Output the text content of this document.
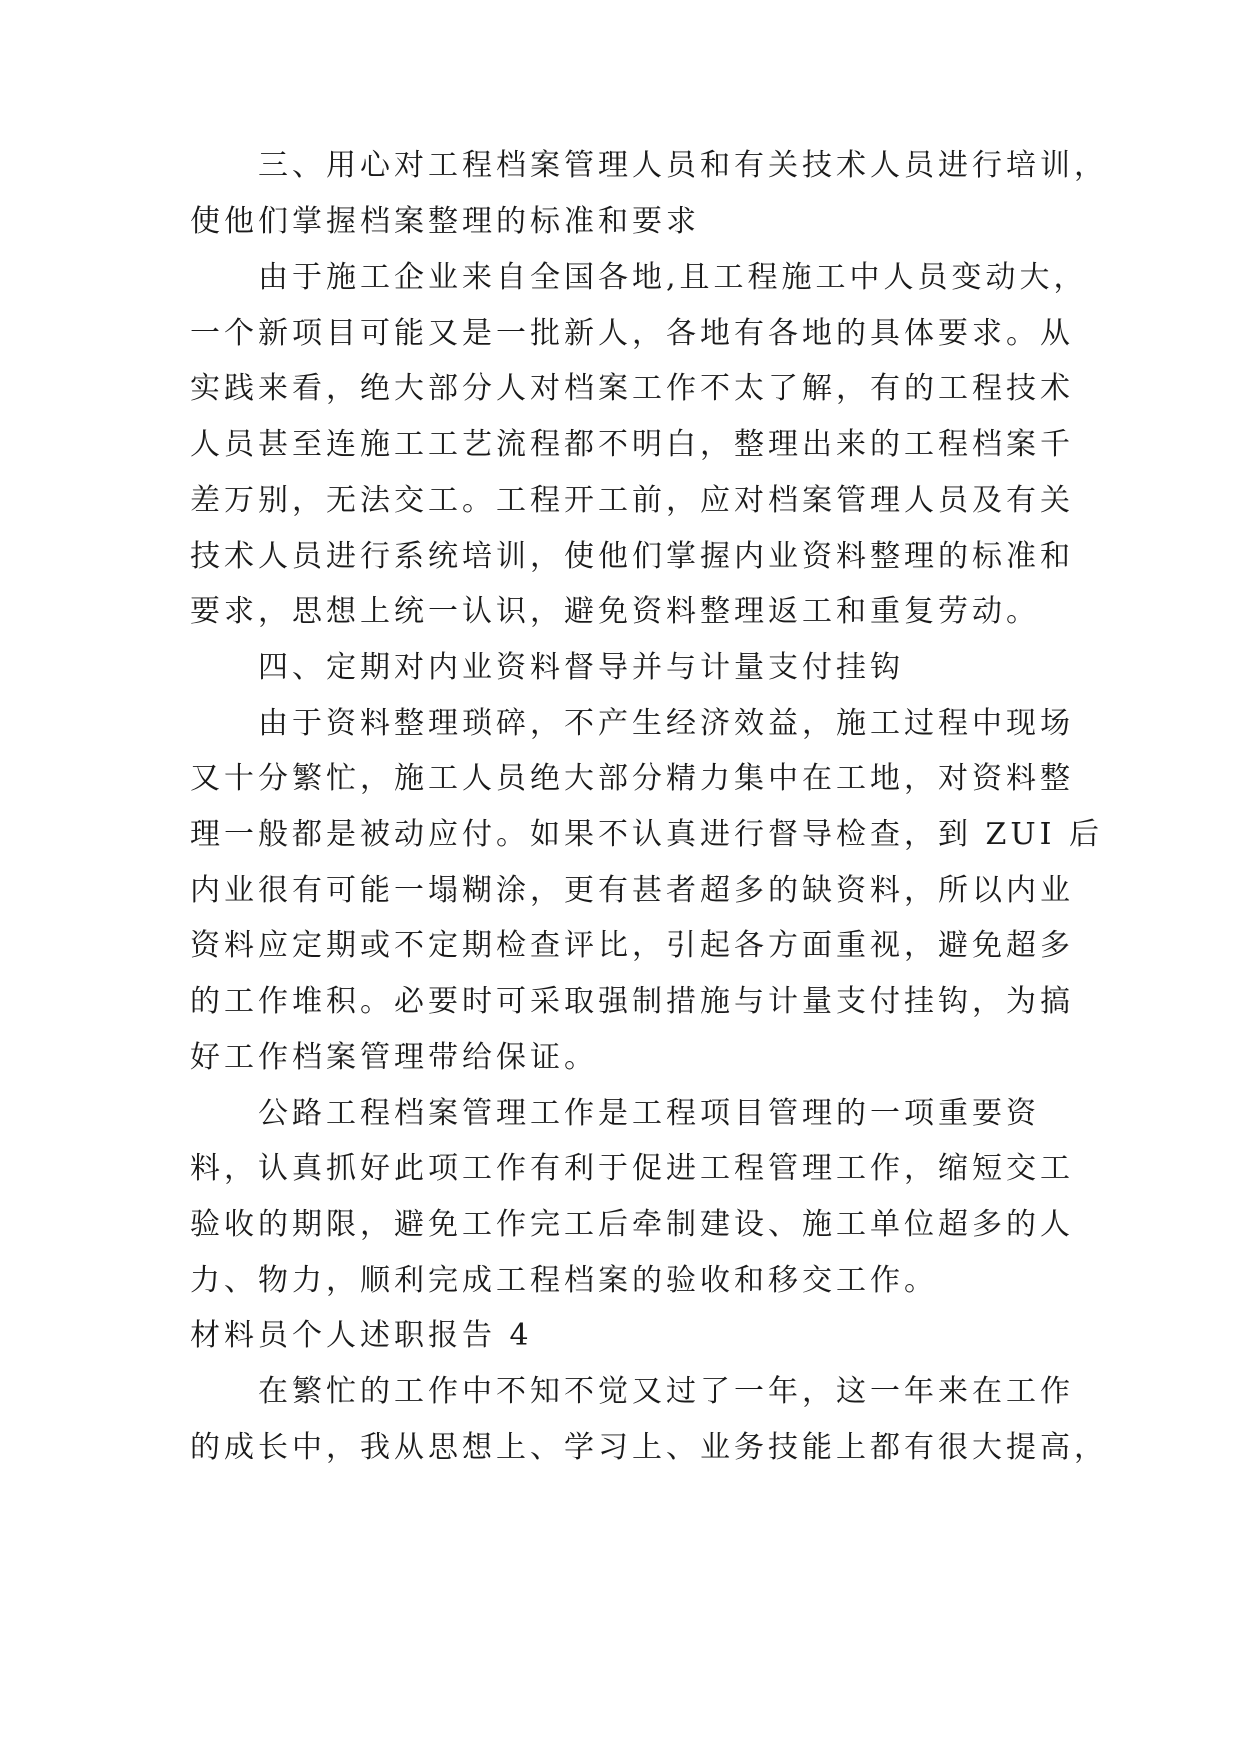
三、用心对工程档案管理人员和有关技术人员进行培训，

使他们掌握档案整理的标准和要求

由于施工企业来自全国各地,且工程施工中人员变动大，

一个新项目可能又是一批新人，各地有各地的具体要求。从

实践来看，绝大部分人对档案工作不太了解，有的工程技术

人员甚至连施工工艺流程都不明白，整理出来的工程档案千

差万别，无法交工。工程开工前，应对档案管理人员及有关

技术人员进行系统培训，使他们掌握内业资料整理的标准和

要求，思想上统一认识，避免资料整理返工和重复劳动。

四、定期对内业资料督导并与计量支付挂钩

由于资料整理琐碎，不产生经济效益，施工过程中现场

又十分繁忙，施工人员绝大部分精力集中在工地，对资料整

理一般都是被动应付。如果不认真进行督导检查，到 ZUI 后

内业很有可能一塌糊涂，更有甚者超多的缺资料，所以内业

资料应定期或不定期检查评比，引起各方面重视，避免超多

的工作堆积。必要时可采取强制措施与计量支付挂钩，为搞

好工作档案管理带给保证。

公路工程档案管理工作是工程项目管理的一项重要资

料，认真抓好此项工作有利于促进工程管理工作，缩短交工

验收的期限，避免工作完工后牵制建设、施工单位超多的人

力、物力，顺利完成工程档案的验收和移交工作。

材料员个人述职报告 4

在繁忙的工作中不知不觉又过了一年，这一年来在工作

的成长中，我从思想上、学习上、业务技能上都有很大提高，
